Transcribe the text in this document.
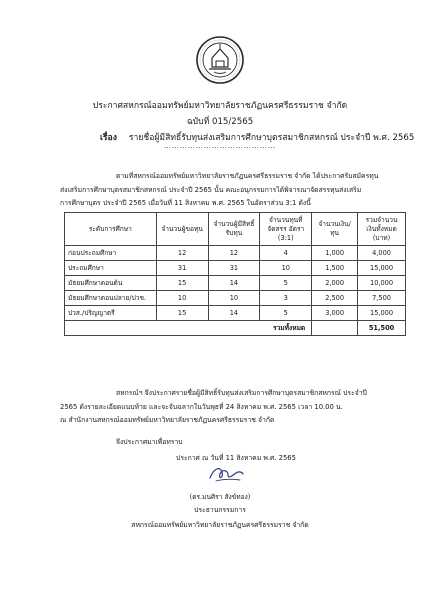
ประกาศสหกรณ์ออมทรัพย์มหาวิทยาลัยราชภัฏนครศรีธรรมราช จำกัด
ฉบับที่ 015/2565
เรื่อง รายชื่อผู้มีสิทธิ์รับทุนส่งเสริมการศึกษาบุตรสมาชิกสหกรณ์ ประจำปี พ.ศ. 2565
……………………………………
ตามที่สหกรณ์ออมทรัพย์มหาวิทยาลัยราชภัฏนครศรีธรรมราช จำกัด ได้ประกาศรับสมัครทุน
ส่งเสริมการศึกษาบุตรสมาชิกสหกรณ์ ประจำปี 2565 นั้น คณะอนุกรรมการได้พิจารณาจัดสรรทุนส่งเสริม
การศึกษาบุตร ประจำปี 2565 เมื่อวันที่ 11 สิงหาคม พ.ศ. 2565 ในอัตราส่วน 3:1 ดังนี้
ระดับการศึกษา	จำนวนผู้ขอทุน	จำนวนผู้มีสิทธิ์รับทุน	จำนวนทุนที่
จัดสรร อัตรา
(3:1)	จำนวนเงิน/ทุน	รวมจำนวน
เงินทั้งหมด
(บาท)
ก่อนประถมศึกษา	12	12	4	1,000	4,000
ประถมศึกษา	31	31	10	1,500	15,000
มัธยมศึกษาตอนต้น	15	14	5	2,000	10,000
มัธยมศึกษาตอนปลาย/ปวช.	10	10	3	2,500	7,500
ปวส./ปริญญาตรี	15	14	5	3,000	15,000
รวมทั้งหมด					51,500
สหกรณ์ฯ จึงประกาศรายชื่อผู้มีสิทธิ์รับทุนส่งเสริมการศึกษาบุตรสมาชิกสหกรณ์ ประจำปี
2565 ดังรายละเอียดแนบท้าย และจะจับฉลากในวันพุธที่ 24 สิงหาคม พ.ศ. 2565 เวลา 10.00 น.
ณ สำนักงานสหกรณ์ออมทรัพย์มหาวิทยาลัยราชภัฏนครศรีธรรมราช จำกัด
จึงประกาศมาเพื่อทราบ
ประกาศ ณ วันที่ 11 สิงหาคม พ.ศ. 2565
(ดร.มนศิรา สังข์ทอง)
ประธานกรรมการ
สหกรณ์ออมทรัพย์มหาวิทยาลัยราชภัฏนครศรีธรรมราช จำกัด
